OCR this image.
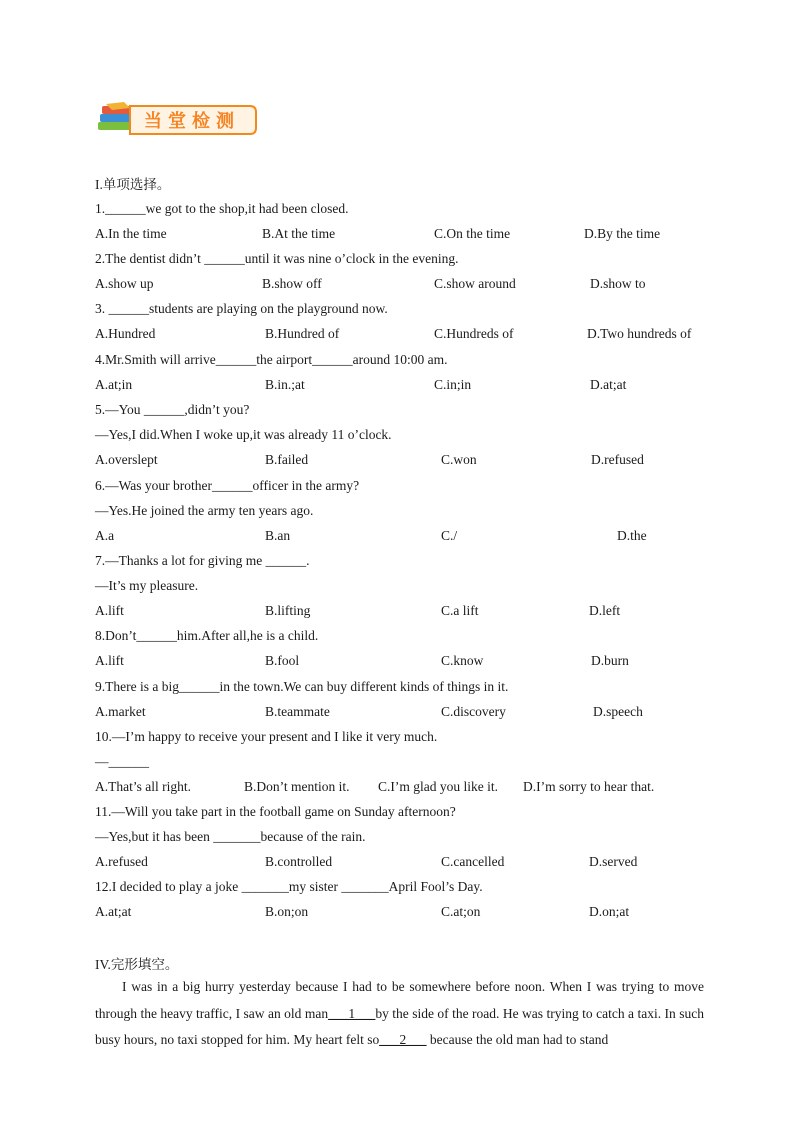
当堂检测
I.单项选择。
1.______we got to the shop,it had been closed.
A.In the time	B.At the time	C.On the time	D.By the time
2.The dentist didn’t ______until it was nine o’clock in the evening.
A.show up	B.show off	C.show around	D.show to
3. ______students are playing on the playground now.
A.Hundred	B.Hundred of	C.Hundreds of	D.Two hundreds of
4.Mr.Smith will arrive______the airport______around 10:00 am.
A.at;in	B.in.;at	C.in;in	D.at;at
5.—You ______,didn’t you?
—Yes,I did.When I woke up,it was already 11 o’clock.
A.overslept	B.failed	C.won	D.refused
6.—Was your brother______officer in the army?
—Yes.He joined the army ten years ago.
A.a	B.an	C./	D.the
7.—Thanks a lot for giving me ______.
—It’s my pleasure.
A.lift	B.lifting	C.a lift	D.left
8.Don’t______him.After all,he is a child.
A.lift	B.fool	C.know	D.burn
9.There is a big______in the town.We can buy different kinds of things in it.
A.market	B.teammate	C.discovery	D.speech
10.—I’m happy to receive your present and I like it very much.
—______
A.That’s all right.	B.Don’t mention it. C.I’m glad you like it. D.I’m sorry to hear that.
11.—Will you take part in the football game on Sunday afternoon?
—Yes,but it has been _______because of the rain.
A.refused	B.controlled	C.cancelled	D.served
12.I decided to play a joke _______my sister _______April Fool’s Day.
A.at;at	B.on;on	C.at;on	D.on;at
IV.完形填空。
I was in a big hurry yesterday because I had to be somewhere before noon. When I was trying to move through the heavy traffic, I saw an old man___1___by the side of the road. He was trying to catch a taxi. In such busy hours, no taxi stopped for him. My heart felt so___2___ because the old man had to stand
